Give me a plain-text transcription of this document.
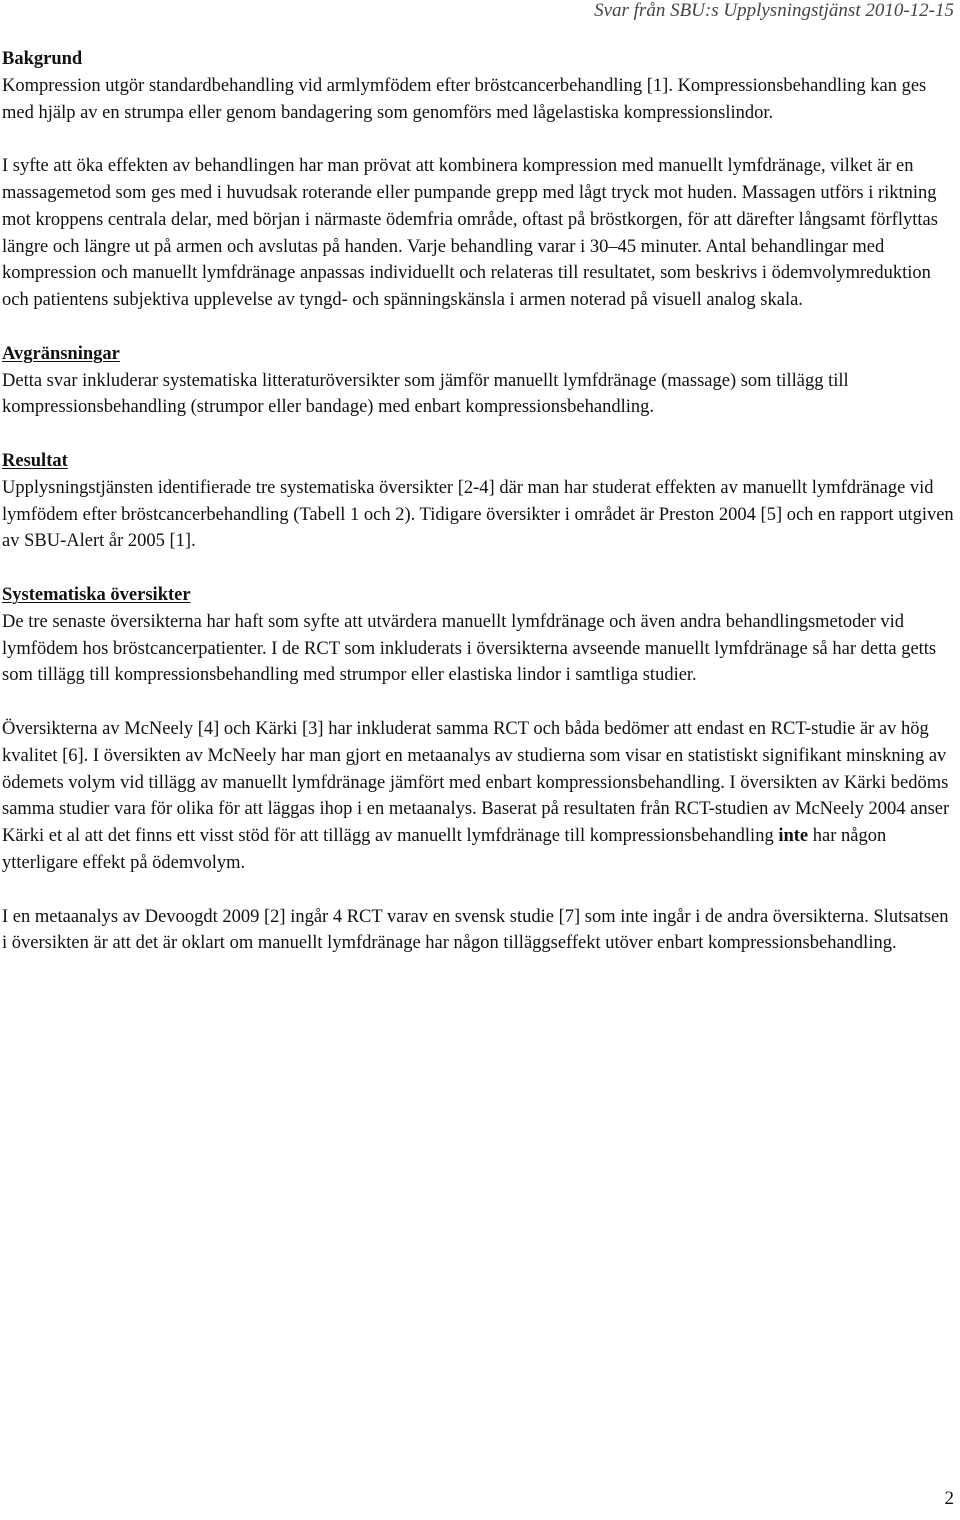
Svar från SBU:s Upplysningstjänst 2010-12-15
Bakgrund

Kompression utgör standardbehandling vid armlymfödem efter bröstcancerbehandling [1]. Kompressionsbehandling kan ges med hjälp av en strumpa eller genom bandagering som genomförs med lågelastiska kompressionslindor.

I syfte att öka effekten av behandlingen har man prövat att kombinera kompression med manuellt lymfdränage, vilket är en massagemetod som ges med i huvudsak roterande eller pumpande grepp med lågt tryck mot huden. Massagen utförs i riktning mot kroppens centrala delar, med början i närmaste ödemfria område, oftast på bröstkorgen, för att därefter långsamt förflyttas längre och längre ut på armen och avslutas på handen. Varje behandling varar i 30–45 minuter. Antal behandlingar med kompression och manuellt lymfdränage anpassas individuellt och relateras till resultatet, som beskrivs i ödemvolymreduktion och patientens subjektiva upplevelse av tyngd- och spänningskänsla i armen noterad på visuell analog skala.

Avgränsningar

Detta svar inkluderar systematiska litteraturöversikter som jämför manuellt lymfdränage (massage) som tillägg till kompressionsbehandling (strumpor eller bandage) med enbart kompressionsbehandling.

Resultat

Upplysningstjänsten identifierade tre systematiska översikter [2-4] där man har studerat effekten av manuellt lymfdränage vid lymfödem efter bröstcancerbehandling (Tabell 1 och 2). Tidigare översikter i området är Preston 2004 [5] och en rapport utgiven av SBU-Alert år 2005 [1].

Systematiska översikter

De tre senaste översikterna har haft som syfte att utvärdera manuellt lymfdränage och även andra behandlingsmetoder vid lymfödem hos bröstcancerpatienter. I de RCT som inkluderats i översikterna avseende manuellt lymfdränage så har detta getts som tillägg till kompressionsbehandling med strumpor eller elastiska lindor i samtliga studier.

Översikterna av McNeely [4] och Kärki [3] har inkluderat samma RCT och båda bedömer att endast en RCT-studie är av hög kvalitet [6]. I översikten av McNeely har man gjort en metaanalys av studierna som visar en statistiskt signifikant minskning av ödemets volym vid tillägg av manuellt lymfdränage jämfört med enbart kompressionsbehandling. I översikten av Kärki bedöms samma studier vara för olika för att läggas ihop i en metaanalys. Baserat på resultaten från RCT-studien av McNeely 2004 anser Kärki et al att det finns ett visst stöd för att tillägg av manuellt lymfdränage till kompressionsbehandling inte har någon ytterligare effekt på ödemvolym.

I en metaanalys av Devoogdt 2009 [2] ingår 4 RCT varav en svensk studie [7] som inte ingår i de andra översikterna. Slutsatsen i översikten är att det är oklart om manuellt lymfdränage har någon tilläggseffekt utöver enbart kompressionsbehandling.

2
